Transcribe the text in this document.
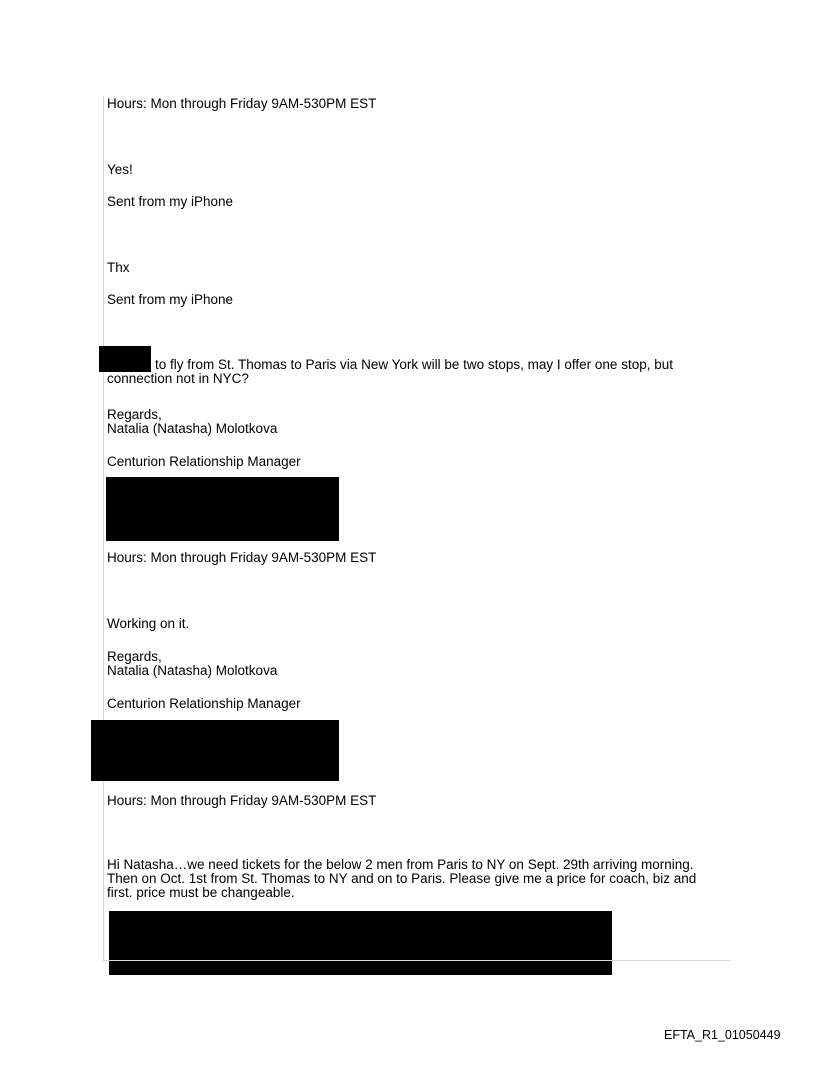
Hours: Mon through Friday 9AM-530PM EST
Yes!
Sent from my iPhone
Thx
Sent from my iPhone
to fly from St. Thomas to Paris via New York will be two stops, may I offer one stop, but
connection not in NYC?
Regards,
Natalia (Natasha) Molotkova
Centurion Relationship Manager
Hours: Mon through Friday 9AM-530PM EST
Working on it.
Regards,
Natalia (Natasha) Molotkova
Centurion Relationship Manager
Hours: Mon through Friday 9AM-530PM EST
Hi Natasha…we need tickets for the below 2 men from Paris to NY on Sept. 29th arriving morning.
Then on Oct. 1st from St. Thomas to NY and on to Paris. Please give me a price for coach, biz and
first. price must be changeable.
EFTA_R1_01050449
